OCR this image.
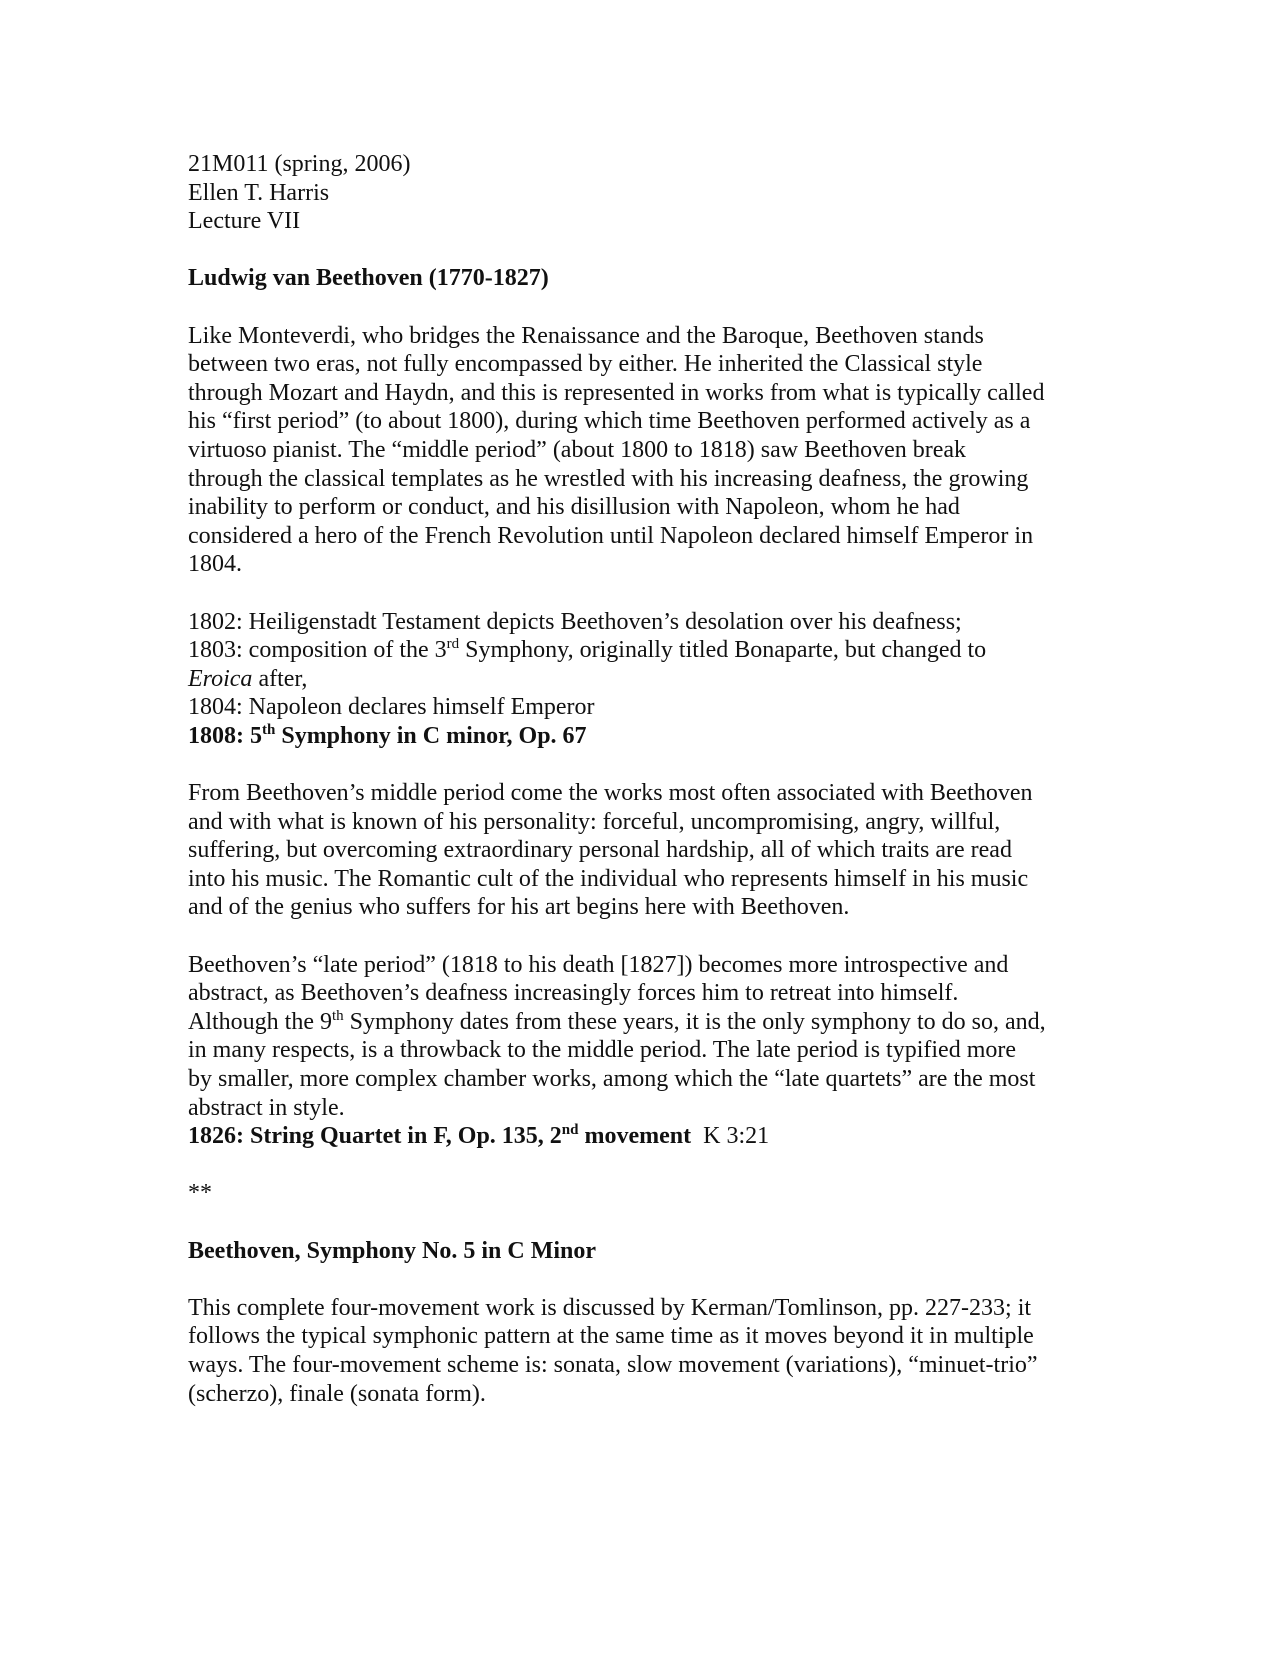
21M011 (spring, 2006)
Ellen T. Harris
Lecture VII
Ludwig van Beethoven (1770-1827)
Like Monteverdi, who bridges the Renaissance and the Baroque, Beethoven stands
between two eras, not fully encompassed by either. He inherited the Classical style
through Mozart and Haydn, and this is represented in works from what is typically called
his “first period” (to about 1800), during which time Beethoven performed actively as a
virtuoso pianist. The “middle period” (about 1800 to 1818) saw Beethoven break
through the classical templates as he wrestled with his increasing deafness, the growing
inability to perform or conduct, and his disillusion with Napoleon, whom he had
considered a hero of the French Revolution until Napoleon declared himself Emperor in
1804.
1802: Heiligenstadt Testament depicts Beethoven’s desolation over his deafness;
1803: composition of the 3rd Symphony, originally titled Bonaparte, but changed to
Eroica after,
1804: Napoleon declares himself Emperor
1808: 5th Symphony in C minor, Op. 67
From Beethoven’s middle period come the works most often associated with Beethoven
and with what is known of his personality: forceful, uncompromising, angry, willful,
suffering, but overcoming extraordinary personal hardship, all of which traits are read
into his music. The Romantic cult of the individual who represents himself in his music
and of the genius who suffers for his art begins here with Beethoven.
Beethoven’s “late period” (1818 to his death [1827]) becomes more introspective and
abstract, as Beethoven’s deafness increasingly forces him to retreat into himself.
Although the 9th Symphony dates from these years, it is the only symphony to do so, and,
in many respects, is a throwback to the middle period. The late period is typified more
by smaller, more complex chamber works, among which the “late quartets” are the most
abstract in style.
1826: String Quartet in F, Op. 135, 2nd movement  K 3:21
**
Beethoven, Symphony No. 5 in C Minor
This complete four-movement work is discussed by Kerman/Tomlinson, pp. 227-233; it
follows the typical symphonic pattern at the same time as it moves beyond it in multiple
ways. The four-movement scheme is: sonata, slow movement (variations), “minuet-trio”
(scherzo), finale (sonata form).
